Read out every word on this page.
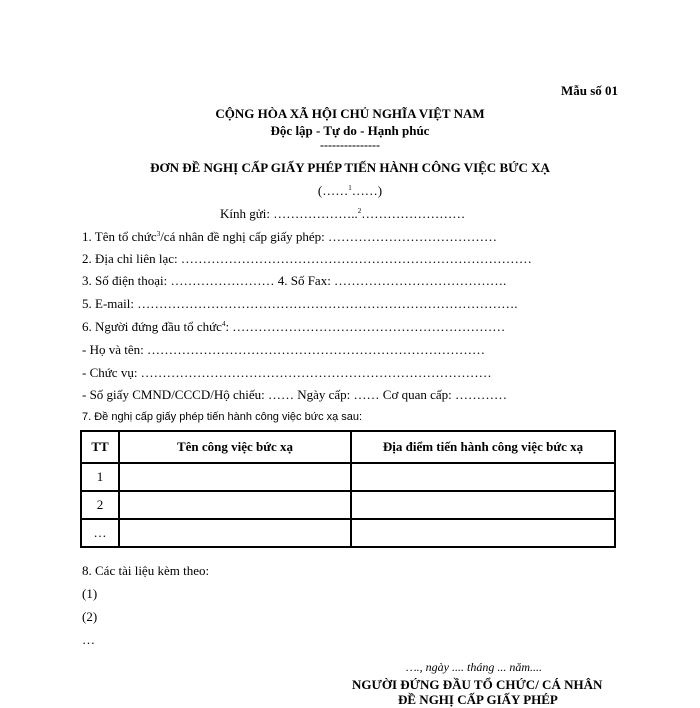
Mẫu số 01
CỘNG HÒA XÃ HỘI CHỦ NGHĨA VIỆT NAM
Độc lập - Tự do - Hạnh phúc
---------------
ĐƠN ĐỀ NGHỊ CẤP GIẤY PHÉP TIẾN HÀNH CÔNG VIỆC BỨC XẠ
(……$^1$……)
Kính gửi: ………………..$^2$……………………
1. Tên tổ chức$^3$/cá nhân đề nghị cấp giấy phép: …………………………………
2. Địa chỉ liên lạc: ………………………………………………………………………
3. Số điện thoại: …………………… 4. Số Fax: ………………………………….
5. E-mail: …………………………………………………………………………….
6. Người đứng đầu tổ chức$^4$: ………………………………………………………
- Họ và tên: ……………………………………………………………………
- Chức vụ: ………………………………………………………………………
- Số giấy CMND/CCCD/Hộ chiếu: …… Ngày cấp: …… Cơ quan cấp: …………
7. Đề nghị cấp giấy phép tiến hành công việc bức xạ sau:
TT	Tên công việc bức xạ	Địa điểm tiến hành công việc bức xạ
1		
2		
…		
8. Các tài liệu kèm theo:
(1)
(2)
…
…., ngày .... tháng ... năm....
NGƯỜI ĐỨNG ĐẦU TỔ CHỨC/ CÁ NHÂN
ĐỀ NGHỊ CẤP GIẤY PHÉP
